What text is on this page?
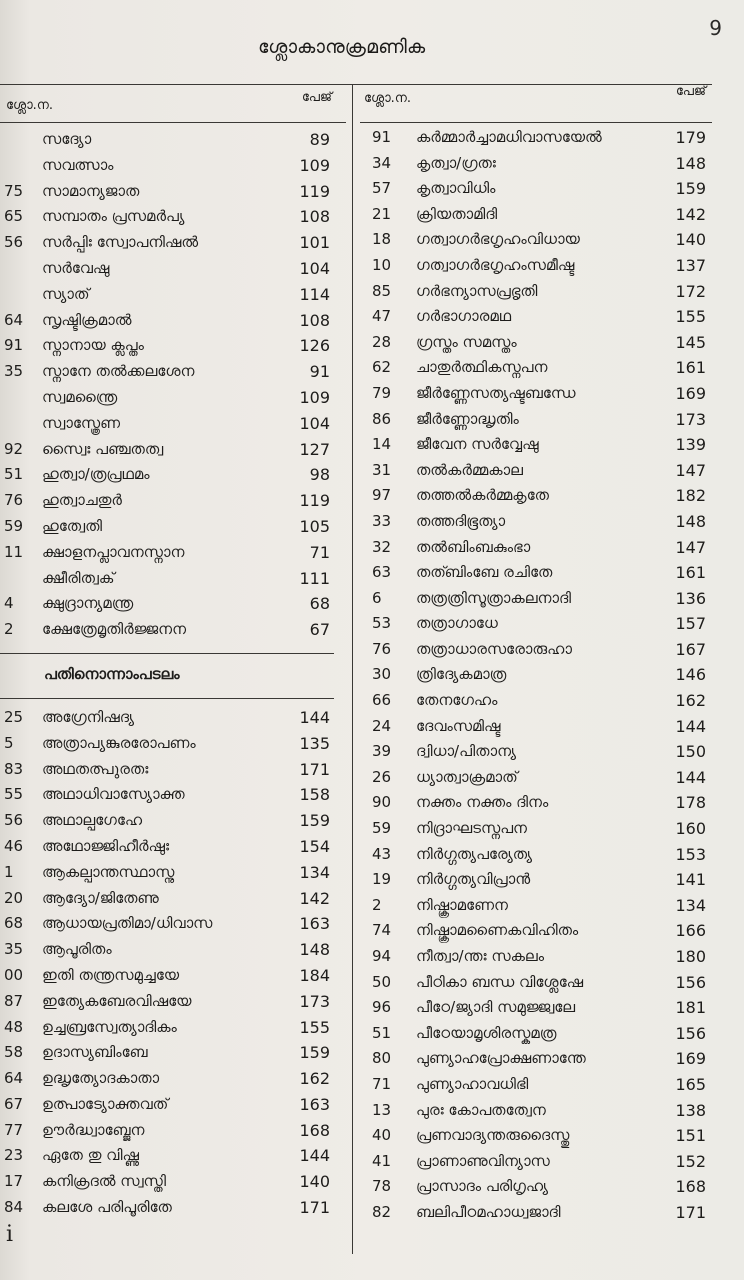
9
ശ്ലോകാനുക്രമണിക
ശ്ലോ.ന.
പേജ്
സദ്യോ	89
സവത്സാം	109
75	സാമാന്യജാത	119
65	സമ്പാതം പ്രസമർപ്യ	108
56	സർപ്പിഃ സ്വോപനിഷൽ	101
സർവേഷു	104
സ്യാത്	114
64	സൃഷ്ടിക്രമാൽ	108
91	സ്നാനായ ക്ലപ്തം	126
35	സ്നാനേ തൽക്കലശേന	91
സ്വമന്ത്രൈ	109
സ്വാസ്ത്രേണ	104
92	സ്വൈഃ പഞ്ചതത്വ	127
51	ഹുത്വാ/ത്രപ്രഥമം	98
76	ഹുത്വാചതുർ	119
59	ഹുത്വേതി	105
11	ക്ഷാളനപ്ലാവനസ്നാന	71
ക്ഷീരിത്വക്	111
4	ക്ഷുദ്രാന്യമന്ത്ര	68
2	ക്ഷേത്രേമൃതിർജ്ജനന	67
പതിനൊന്നാംപടലം
25	അഗ്രേനിഷദ്യ	144
5	അത്രാപ്യങ്കുരരോപണം	135
83	അഥതത്പുരതഃ	171
55	അഥാധിവാസ്യോക്ത	158
56	അഥാല്പഗേഹേ	159
46	അഥോജ്ജിഹീർഷുഃ	154
1	ആകല്പാന്തസ്ഥാസ്നു	134
20	ആദ്യോ/ജിതേണു	142
68	ആധായപ്രതിമാ/ധിവാസ	163
35	ആപൂരിതം	148
00	ഇതി തന്ത്രസമുച്ചയേ	184
87	ഇത്യേകബേരവിഷയേ	173
48	ഉച്ചബ്രസ്വേത്യാദികം	155
58	ഉദാസ്യബിംബേ	159
64	ഉദ്ധൃത്യോദകാതാ	162
67	ഉത്പാട്യോക്തവത്	163
77	ഊർദ്ധ്വാബ്ജേന	168
23	ഏതേ തു വിഷ്ണു	144
17	കനിക്രദൽ സ്വസ്തി	140
84	കലശേ പരിപൂരിതേ	171
ശ്ലോ.ന.	പേജ്
91	കർമ്മാർച്ചാമധിവാസയേൽ	179
34	കൃത്വാ/ഗ്രതഃ	148
57	കൃത്വാവിധിം	159
21	ക്രിയതാമിദി	142
18	ഗത്വാഗർഭഗൃഹംവിധായ	140
10	ഗത്വാഗർഭഗൃഹംസമീഷ്ട	137
85	ഗർഭന്യാസപ്രഭൃതി	172
47	ഗർഭാഗാരമഥ	155
28	ഗ്രസ്തം സമസ്തം	145
62	ചാതുർത്ഥികസ്നപന	161
79	ജീർണ്ണേസത്യഷ്ടബന്ധേ	169
86	ജീർണ്ണോദ്ധൃതിം	173
14	ജീവേന സർവ്വേഷു	139
31	തൽകർമ്മകാല	147
97	തത്തൽകർമ്മകൃതേ	182
33	തത്തദിഭൂത്യാ	148
32	തൽബിംബകുംഭാ	147
63	തത്ബിംബേ രചിതേ	161
6	തത്രത്രിസൂത്രാകലനാദി	136
53	തത്രാഗാധേ	157
76	തത്രാധാരസരോരുഹാ	167
30	ത്രിദ്യേകമാത്ര	146
66	തേനഗേഹം	162
24	ദേവംസമിഷ്ട	144
39	ദ്വിധാ/പിതാന്യ	150
26	ധ്യാത്വാക്രമാത്	144
90	നക്തം നക്തം ദിനം	178
59	നിദ്രാഘടസ്നപന	160
43	നിർഗ്ഗത്യപര്യേത്യ	153
19	നിർഗ്ഗത്യവിപ്രാൻ	141
2	നിഷ്ക്രാമണേന	134
74	നിഷ്ക്രാമണൈകവിഹിതം	166
94	നീത്വാ/ന്തഃ സകലം	180
50	പീഠികാ ബന്ധ വിശ്ലേഷേ	156
96	പീഠേ/ജ്യാദി സമുജ്ജ്വലേ	181
51	പീഠേയാമൃശിരസ്കമത്ര	156
80	പുണ്യാഹപ്രോക്ഷണാന്തേ	169
71	പുണ്യാഹാവധിഭി	165
13	പുരഃ കോപതത്വേന	138
40	പ്രണവാദ്യന്തരുദൈസ്തു	151
41	പ്രാണാണുവിന്യാസ	152
78	പ്രാസാദം പരിഗൃഹ്യ	168
82	ബലിപീഠമഹാധ്വജാദി	171
i
